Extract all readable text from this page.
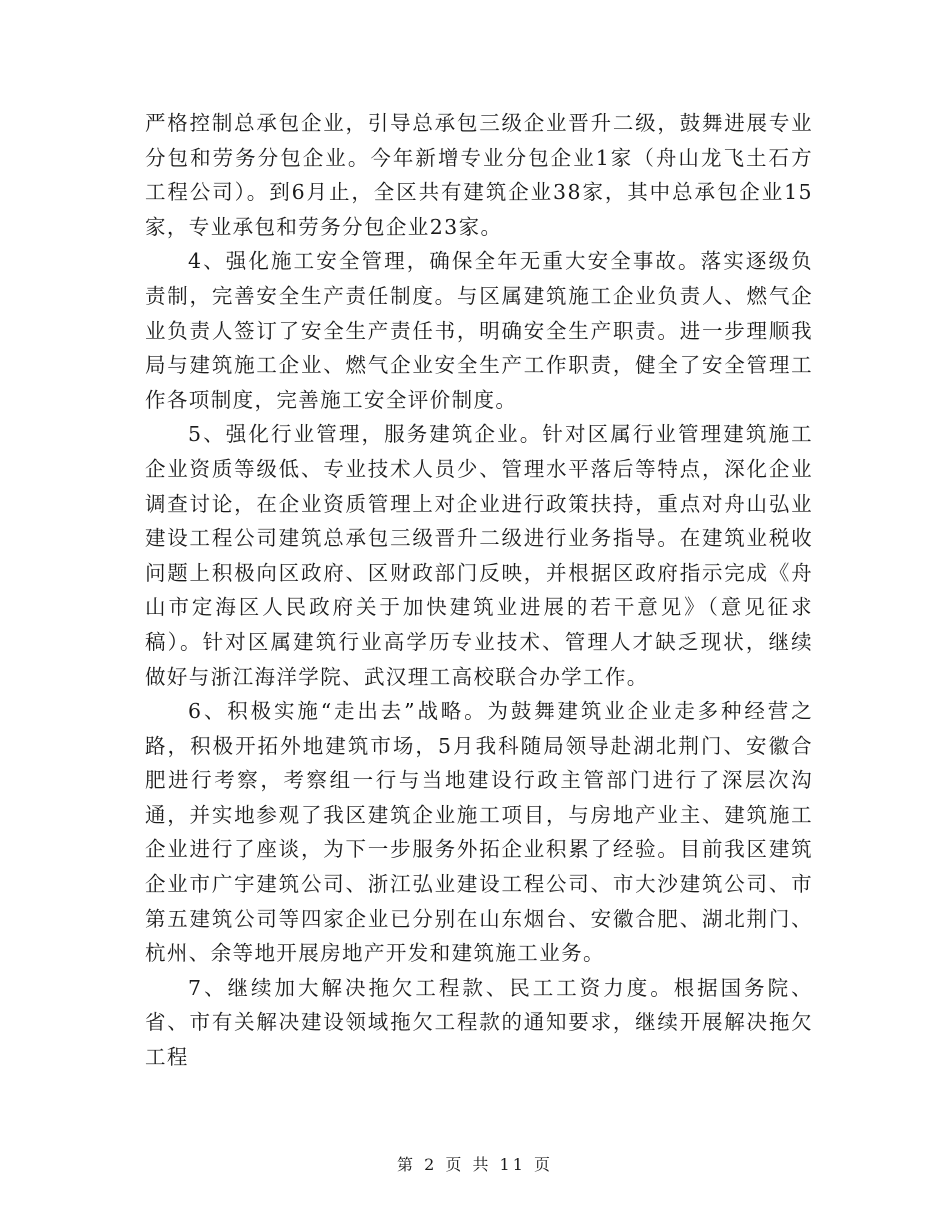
严格控制总承包企业，引导总承包三级企业晋升二级，鼓舞进展专业分包和劳务分包企业。今年新增专业分包企业1家（舟山龙飞土石方工程公司）。到6月止，全区共有建筑企业38家，其中总承包企业15家，专业承包和劳务分包企业23家。

4、强化施工安全管理，确保全年无重大安全事故。落实逐级负责制，完善安全生产责任制度。与区属建筑施工企业负责人、燃气企业负责人签订了安全生产责任书，明确安全生产职责。进一步理顺我局与建筑施工企业、燃气企业安全生产工作职责，健全了安全管理工作各项制度，完善施工安全评价制度。

5、强化行业管理，服务建筑企业。针对区属行业管理建筑施工企业资质等级低、专业技术人员少、管理水平落后等特点，深化企业调查讨论，在企业资质管理上对企业进行政策扶持，重点对舟山弘业建设工程公司建筑总承包三级晋升二级进行业务指导。在建筑业税收问题上积极向区政府、区财政部门反映，并根据区政府指示完成《舟山市定海区人民政府关于加快建筑业进展的若干意见》（意见征求稿）。针对区属建筑行业高学历专业技术、管理人才缺乏现状，继续做好与浙江海洋学院、武汉理工高校联合办学工作。

6、积极实施“走出去”战略。为鼓舞建筑业企业走多种经营之路，积极开拓外地建筑市场，5月我科随局领导赴湖北荆门、安徽合肥进行考察，考察组一行与当地建设行政主管部门进行了深层次沟通，并实地参观了我区建筑企业施工项目，与房地产业主、建筑施工企业进行了座谈，为下一步服务外拓企业积累了经验。目前我区建筑企业市广宇建筑公司、浙江弘业建设工程公司、市大沙建筑公司、市第五建筑公司等四家企业已分别在山东烟台、安徽合肥、湖北荆门、杭州、余等地开展房地产开发和建筑施工业务。

7、继续加大解决拖欠工程款、民工工资力度。根据国务院、省、市有关解决建设领域拖欠工程款的通知要求，继续开展解决拖欠工程

第 2 页 共 11 页
